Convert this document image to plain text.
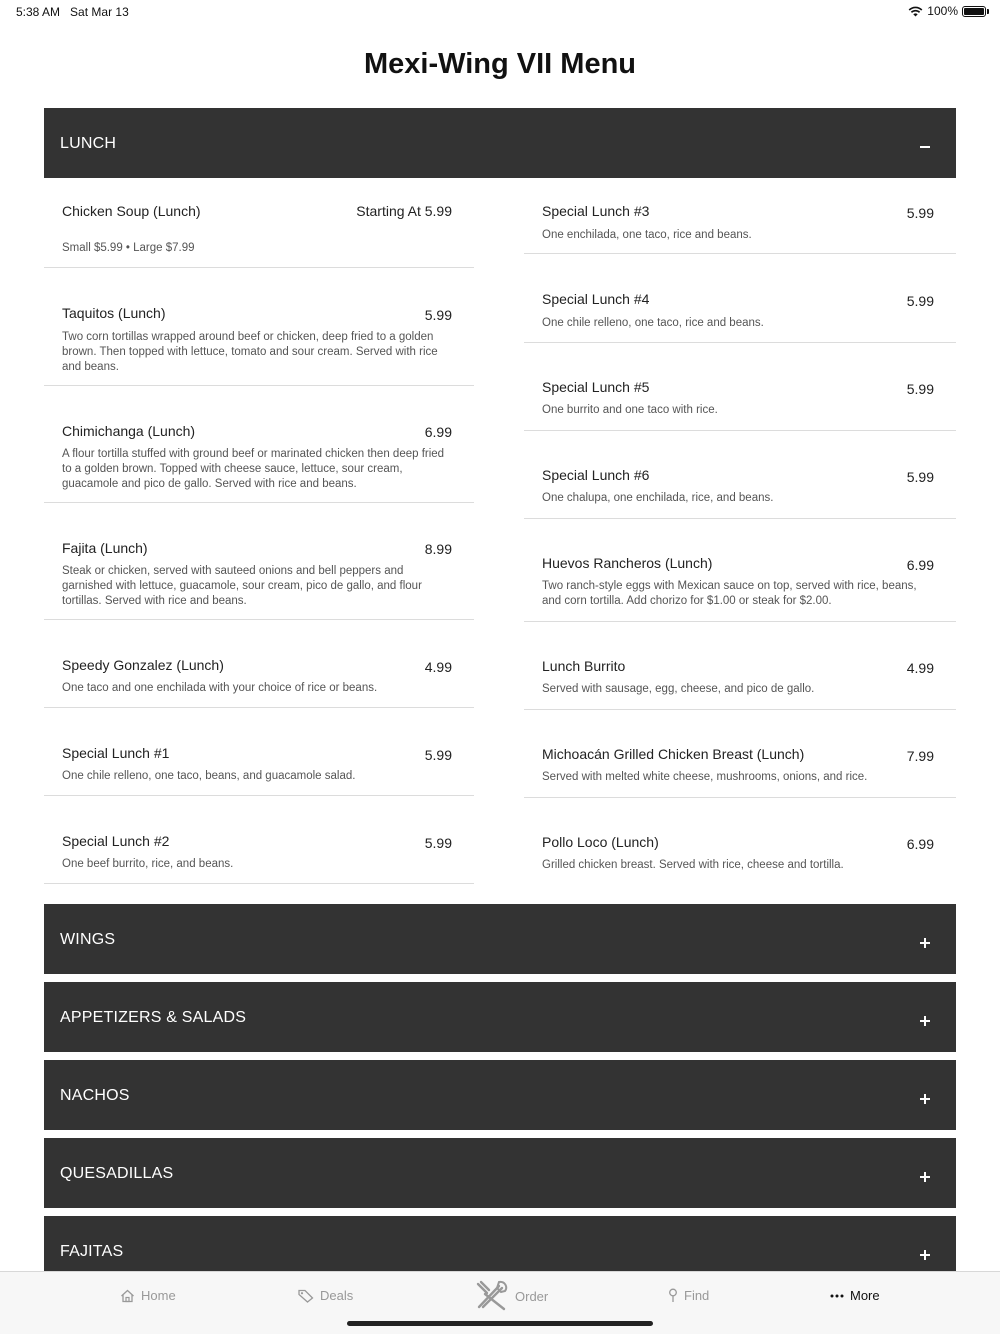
5:38 AM Sat Mar 13	100%
Mexi-Wing VII Menu
LUNCH
Chicken Soup (Lunch)	Starting At 5.99
Small $5.99 • Large $7.99
Taquitos (Lunch)	5.99
Two corn tortillas wrapped around beef or chicken, deep fried to a golden brown. Then topped with lettuce, tomato and sour cream. Served with rice and beans.
Chimichanga (Lunch)	6.99
A flour tortilla stuffed with ground beef or marinated chicken then deep fried to a golden brown. Topped with cheese sauce, lettuce, sour cream, guacamole and pico de gallo. Served with rice and beans.
Fajita (Lunch)	8.99
Steak or chicken, served with sauteed onions and bell peppers and garnished with lettuce, guacamole, sour cream, pico de gallo, and flour tortillas. Served with rice and beans.
Speedy Gonzalez (Lunch)	4.99
One taco and one enchilada with your choice of rice or beans.
Special Lunch #1	5.99
One chile relleno, one taco, beans, and guacamole salad.
Special Lunch #2	5.99
One beef burrito, rice, and beans.
Special Lunch #3	5.99
One enchilada, one taco, rice and beans.
Special Lunch #4	5.99
One chile relleno, one taco, rice and beans.
Special Lunch #5	5.99
One burrito and one taco with rice.
Special Lunch #6	5.99
One chalupa, one enchilada, rice, and beans.
Huevos Rancheros (Lunch)	6.99
Two ranch-style eggs with Mexican sauce on top, served with rice, beans, and corn tortilla. Add chorizo for $1.00 or steak for $2.00.
Lunch Burrito	4.99
Served with sausage, egg, cheese, and pico de gallo.
Michoacán Grilled Chicken Breast (Lunch)	7.99
Served with melted white cheese, mushrooms, onions, and rice.
Pollo Loco (Lunch)	6.99
Grilled chicken breast. Served with rice, cheese and tortilla.
WINGS
APPETIZERS & SALADS
NACHOS
QUESADILLAS
FAJITAS
Home	Deals	Order	Find	More
